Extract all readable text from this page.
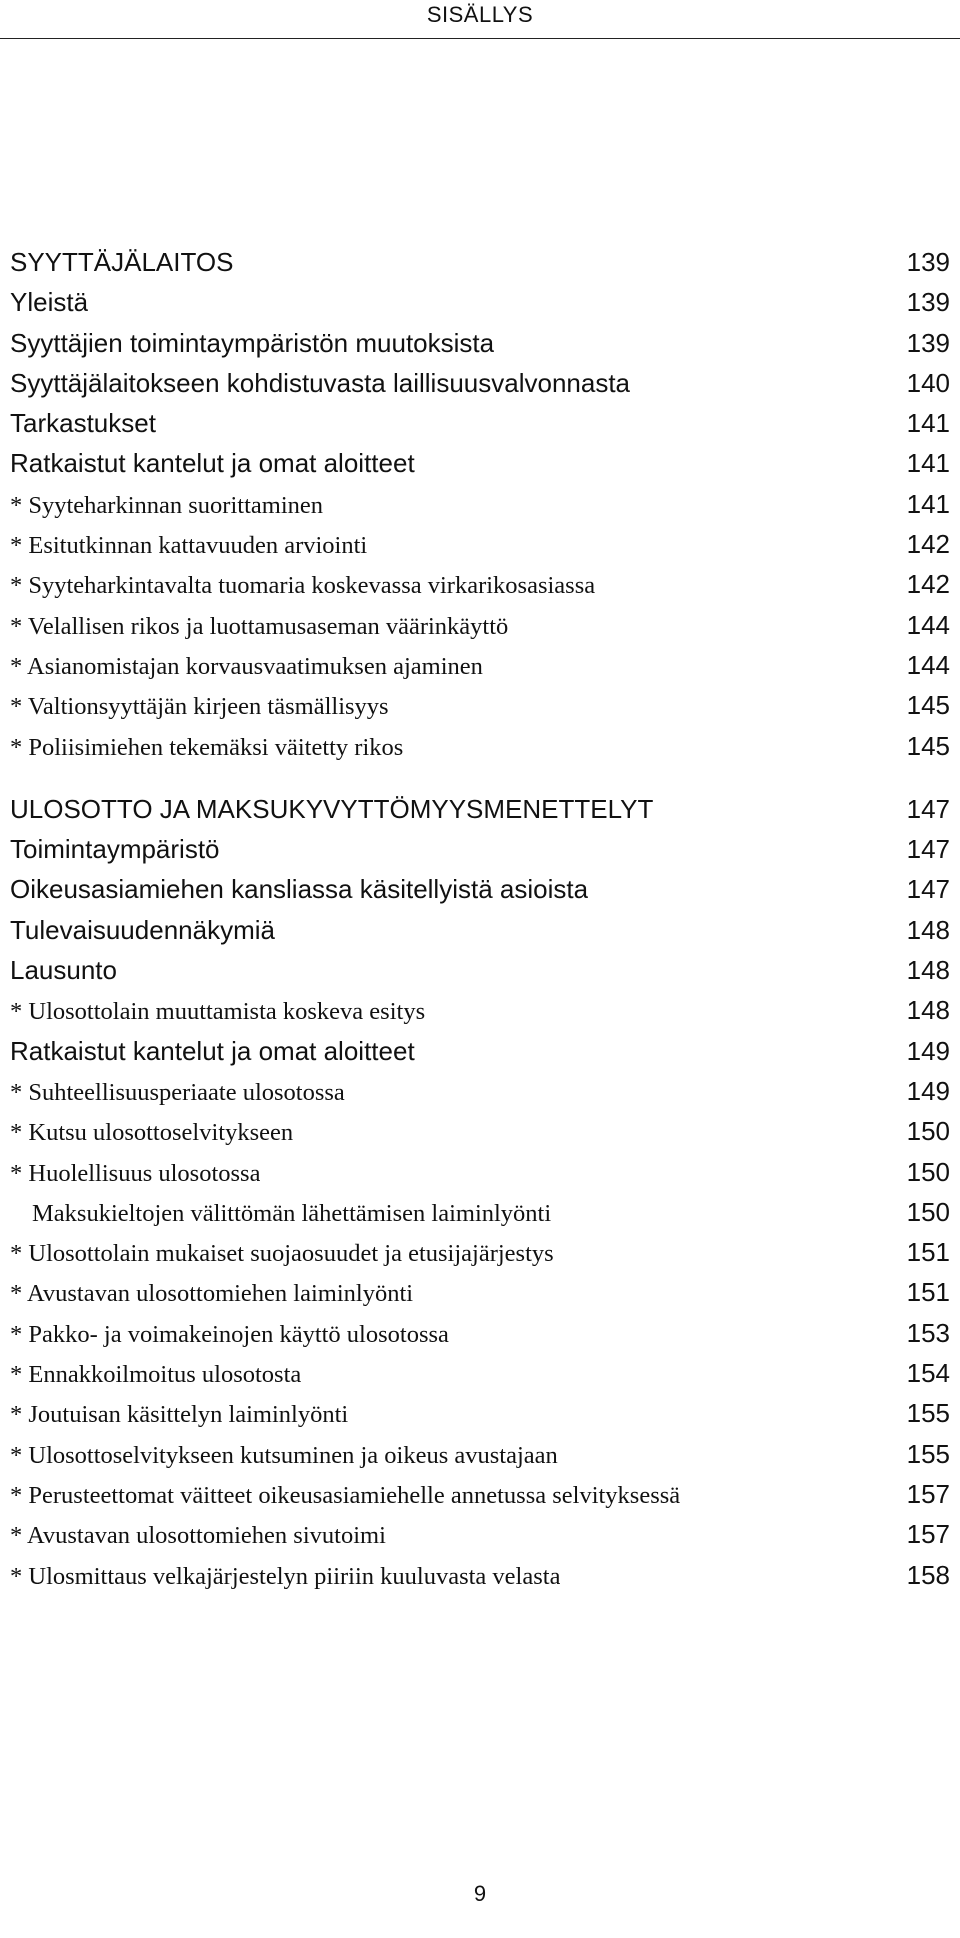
SISÄLLYS
SYYTTÄJÄLAITOS	139
Yleistä	139
Syyttäjien toimintaympäristön muutoksista	139
Syyttäjälaitokseen kohdistuvasta laillisuusvalvonnasta	140
Tarkastukset	141
Ratkaistut kantelut ja omat aloitteet	141
* Syyteharkinnan suorittaminen	141
* Esitutkinnan kattavuuden arviointi	142
* Syyteharkintavalta tuomaria koskevassa virkarikosasiassa	142
* Velallisen rikos ja luottamusaseman väärinkäyttö	144
* Asianomistajan korvausvaatimuksen ajaminen	144
* Valtionsyyttäjän kirjeen täsmällisyys	145
* Poliisimiehen tekemäksi väitetty rikos	145
ULOSOTTO JA MAKSUKYVYTTÖMYYSMENETTELYT	147
Toimintaympäristö	147
Oikeusasiamiehen kansliassa käsitellyistä asioista	147
Tulevaisuudennäkymiä	148
Lausunto	148
* Ulosottolain muuttamista koskeva esitys	148
Ratkaistut kantelut ja omat aloitteet	149
* Suhteellisuusperiaate ulosotossa	149
* Kutsu ulosottoselvitykseen	150
* Huolellisuus ulosotossa	150
Maksukieltojen välittömän lähettämisen laiminlyönti	150
* Ulosottolain mukaiset suojaosuudet ja etusijajärjestys	151
* Avustavan ulosottomiehen laiminlyönti	151
* Pakko- ja voimakeinojen käyttö ulosotossa	153
* Ennakkoilmoitus ulosotosta	154
* Joutuisan käsittelyn laiminlyönti	155
* Ulosottoselvitykseen kutsuminen ja oikeus avustajaan	155
* Perusteettomat väitteet oikeusasiamiehelle annetussa selvityksessä	157
* Avustavan ulosottomiehen sivutoimi	157
* Ulosmittaus velkajärjestelyn piiriin kuuluvasta velasta	158
9
